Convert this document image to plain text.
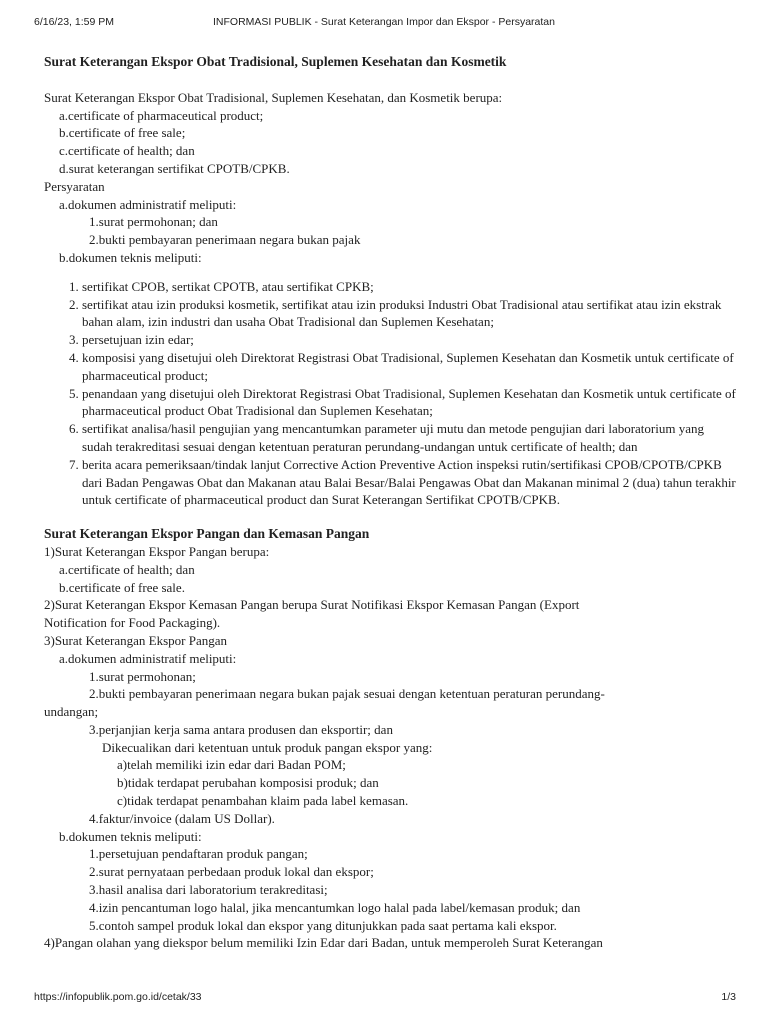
6/16/23, 1:59 PM	INFORMASI PUBLIK - Surat Keterangan Impor dan Ekspor - Persyaratan
Surat Keterangan Ekspor Obat Tradisional, Suplemen Kesehatan dan Kosmetik
Surat Keterangan Ekspor Obat Tradisional, Suplemen Kesehatan, dan Kosmetik berupa:
a.certificate of pharmaceutical product;
b.certificate of free sale;
c.certificate of health; dan
d.surat keterangan sertifikat CPOTB/CPKB.
Persyaratan
a.dokumen administratif meliputi:
1.surat permohonan; dan
2.bukti pembayaran penerimaan negara bukan pajak
b.dokumen teknis meliputi:
1. sertifikat CPOB, sertikat CPOTB, atau sertifikat CPKB;
2. sertifikat atau izin produksi kosmetik, sertifikat atau izin produksi Industri Obat Tradisional atau sertifikat atau izin ekstrak bahan alam, izin industri dan usaha Obat Tradisional dan Suplemen Kesehatan;
3. persetujuan izin edar;
4. komposisi yang disetujui oleh Direktorat Registrasi Obat Tradisional, Suplemen Kesehatan dan Kosmetik untuk certificate of pharmaceutical product;
5. penandaan yang disetujui oleh Direktorat Registrasi Obat Tradisional, Suplemen Kesehatan dan Kosmetik untuk certificate of pharmaceutical product Obat Tradisional dan Suplemen Kesehatan;
6. sertifikat analisa/hasil pengujian yang mencantumkan parameter uji mutu dan metode pengujian dari laboratorium yang sudah terakreditasi sesuai dengan ketentuan peraturan perundang-undangan untuk certificate of health; dan
7. berita acara pemeriksaan/tindak lanjut Corrective Action Preventive Action inspeksi rutin/sertifikasi CPOB/CPOTB/CPKB dari Badan Pengawas Obat dan Makanan atau Balai Besar/Balai Pengawas Obat dan Makanan minimal 2 (dua) tahun terakhir untuk certificate of pharmaceutical product dan Surat Keterangan Sertifikat CPOTB/CPKB.
Surat Keterangan Ekspor Pangan dan Kemasan Pangan
1)Surat Keterangan Ekspor Pangan berupa:
a.certificate of health; dan
b.certificate of free sale.
2)Surat Keterangan Ekspor Kemasan Pangan berupa Surat Notifikasi Ekspor Kemasan Pangan (Export
Notification for Food Packaging).
3)Surat Keterangan Ekspor Pangan
a.dokumen administratif meliputi:
1.surat permohonan;
2.bukti pembayaran penerimaan negara bukan pajak sesuai dengan ketentuan peraturan perundang-
undangan;
3.perjanjian kerja sama antara produsen dan eksportir; dan
Dikecualikan dari ketentuan untuk produk pangan ekspor yang:
a)telah memiliki izin edar dari Badan POM;
b)tidak terdapat perubahan komposisi produk; dan
c)tidak terdapat penambahan klaim pada label kemasan.
4.faktur/invoice (dalam US Dollar).
b.dokumen teknis meliputi:
1.persetujuan pendaftaran produk pangan;
2.surat pernyataan perbedaan produk lokal dan ekspor;
3.hasil analisa dari laboratorium terakreditasi;
4.izin pencantuman logo halal, jika mencantumkan logo halal pada label/kemasan produk; dan
5.contoh sampel produk lokal dan ekspor yang ditunjukkan pada saat pertama kali ekspor.
4)Pangan olahan yang diekspor belum memiliki Izin Edar dari Badan, untuk memperoleh Surat Keterangan
https://infopublik.pom.go.id/cetak/33	1/3
